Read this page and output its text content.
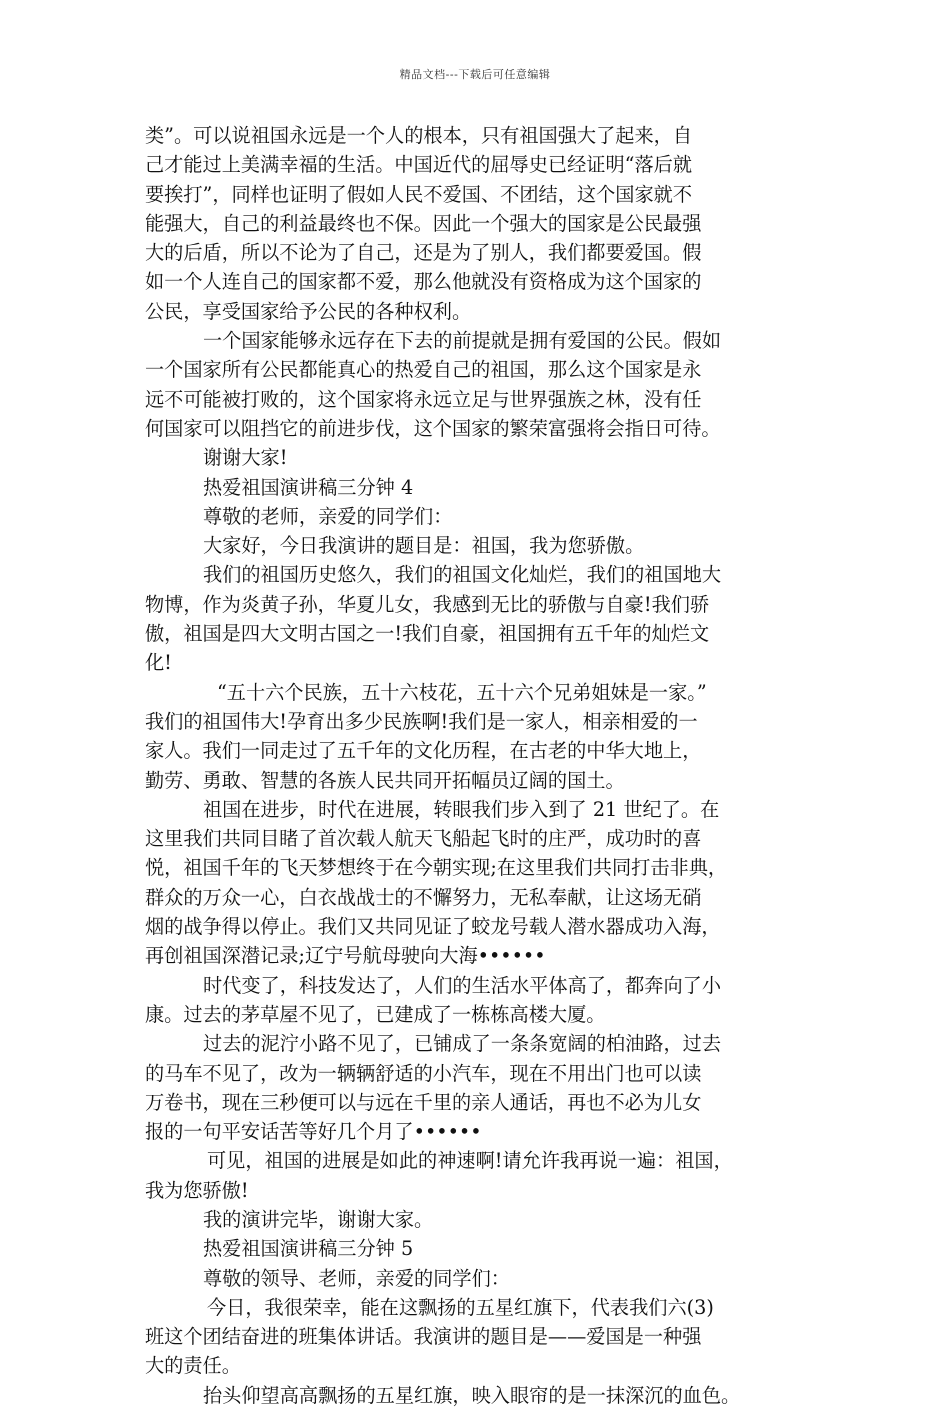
精品文档---下载后可任意编辑
类”。可以说祖国永远是一个人的根本，只有祖国强大了起来，自
己才能过上美满幸福的生活。中国近代的屈辱史已经证明“落后就
要挨打”，同样也证明了假如人民不爱国、不团结，这个国家就不
能强大，自己的利益最终也不保。因此一个强大的国家是公民最强
大的后盾，所以不论为了自己，还是为了别人，我们都要爱国。假
如一个人连自己的国家都不爱，那么他就没有资格成为这个国家的
公民，享受国家给予公民的各种权利。
一个国家能够永远存在下去的前提就是拥有爱国的公民。假如
一个国家所有公民都能真心的热爱自己的祖国，那么这个国家是永
远不可能被打败的，这个国家将永远立足与世界强族之林，没有任
何国家可以阻挡它的前进步伐，这个国家的繁荣富强将会指日可待。
谢谢大家!
热爱祖国演讲稿三分钟 4
尊敬的老师，亲爱的同学们：
大家好，今日我演讲的题目是：祖国，我为您骄傲。
我们的祖国历史悠久，我们的祖国文化灿烂，我们的祖国地大
物博，作为炎黄子孙，华夏儿女，我感到无比的骄傲与自豪!我们骄
傲，祖国是四大文明古国之一!我们自豪，祖国拥有五千年的灿烂文
化!
“五十六个民族，五十六枝花，五十六个兄弟姐妹是一家。”
我们的祖国伟大!孕育出多少民族啊!我们是一家人，相亲相爱的一
家人。我们一同走过了五千年的文化历程，在古老的中华大地上，
勤劳、勇敢、智慧的各族人民共同开拓幅员辽阔的国土。
祖国在进步，时代在进展，转眼我们步入到了 21 世纪了。在
这里我们共同目睹了首次载人航天飞船起飞时的庄严，成功时的喜
悦，祖国千年的飞天梦想终于在今朝实现;在这里我们共同打击非典，
群众的万众一心，白衣战战士的不懈努力，无私奉献，让这场无硝
烟的战争得以停止。我们又共同见证了蛟龙号载人潜水器成功入海，
再创祖国深潜记录;辽宁号航母驶向大海••••••
时代变了，科技发达了，人们的生活水平体高了，都奔向了小
康。过去的茅草屋不见了，已建成了一栋栋高楼大厦。
过去的泥泞小路不见了，已铺成了一条条宽阔的柏油路，过去
的马车不见了，改为一辆辆舒适的小汽车，现在不用出门也可以读
万卷书，现在三秒便可以与远在千里的亲人通话，再也不必为儿女
报的一句平安话苦等好几个月了••••••
可见，祖国的进展是如此的神速啊!请允许我再说一遍：祖国，
我为您骄傲!
我的演讲完毕，谢谢大家。
热爱祖国演讲稿三分钟 5
尊敬的领导、老师，亲爱的同学们：
今日，我很荣幸，能在这飘扬的五星红旗下，代表我们六(3)
班这个团结奋进的班集体讲话。我演讲的题目是——爱国是一种强
大的责任。
抬头仰望高高飘扬的五星红旗，映入眼帘的是一抹深沉的血色。
